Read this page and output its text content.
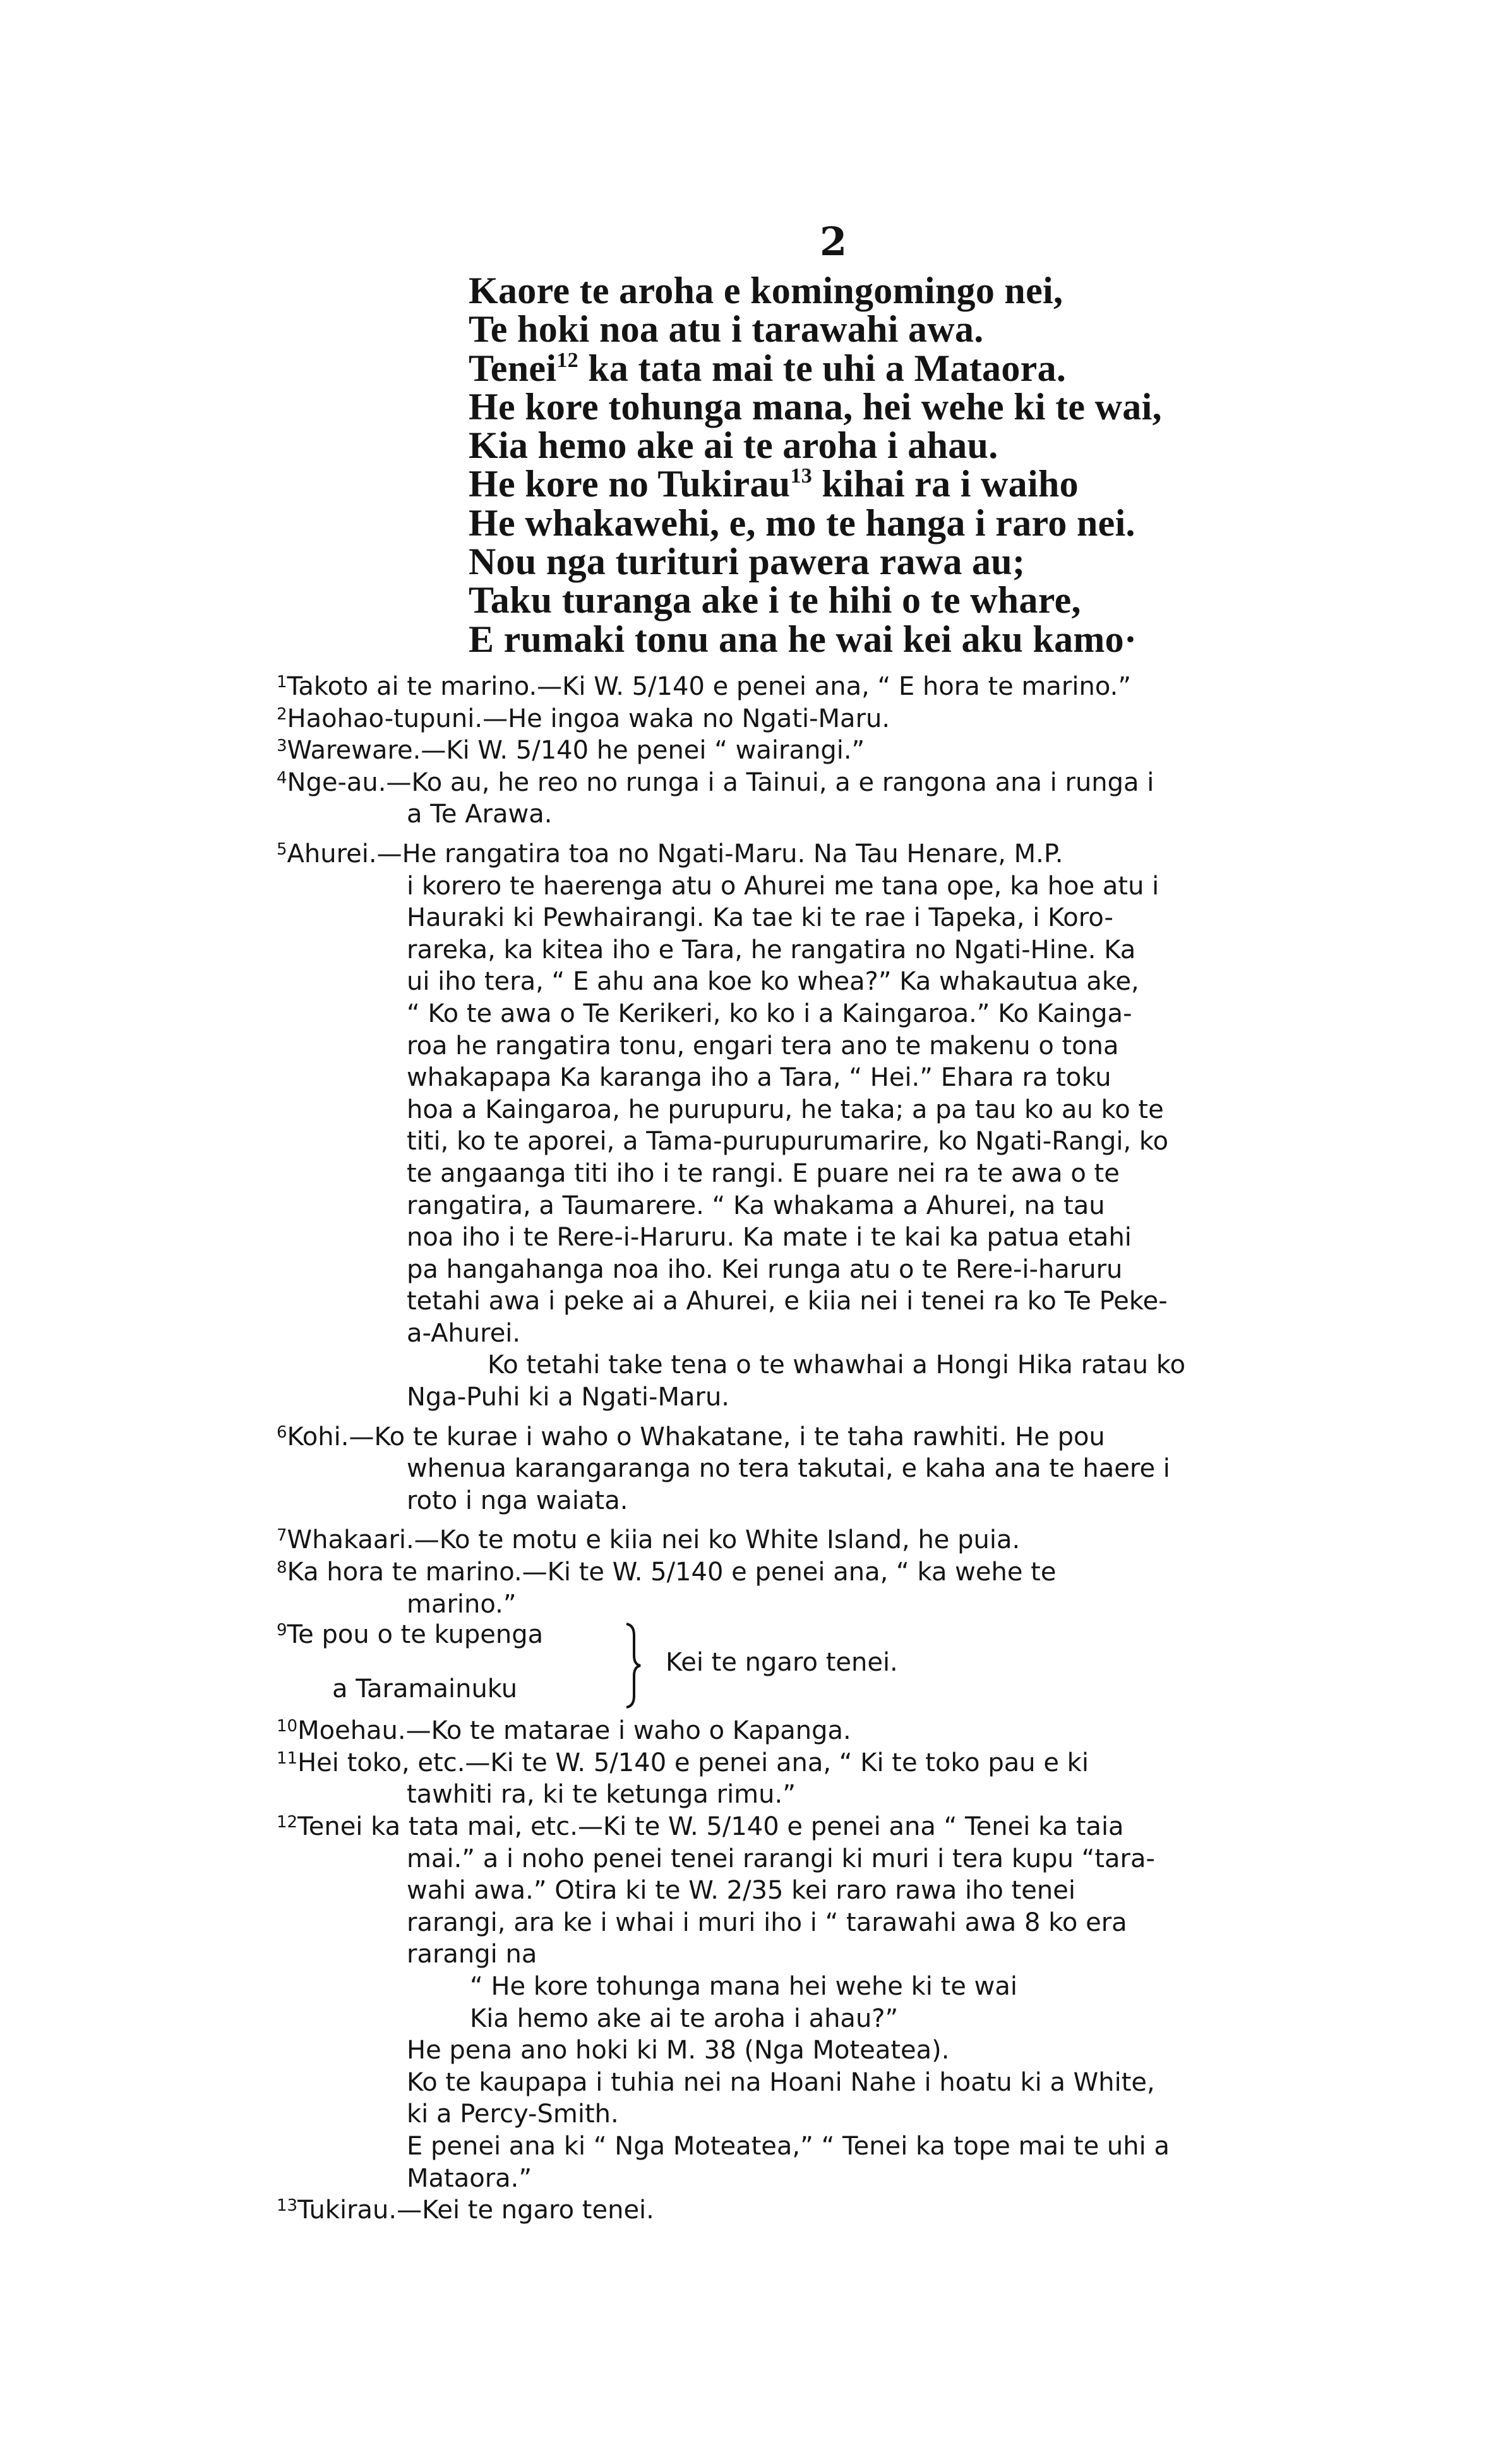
2
Kaore te aroha e komingomingo nei,
Te hoki noa atu i tarawahi awa.
Tenei$^{12}$ ka tata mai te uhi a Mataora.
He kore tohunga mana, hei wehe ki te wai,
Kia hemo ake ai te aroha i ahau.
He kore no Tukirau$^{13}$ kihai ra i waiho
He whakawehi, e, mo te hanga i raro nei.
Nou nga turituri pawera rawa au;
Taku turanga ake i te hihi o te whare,
E rumaki tonu ana he wai kei aku kamo·
$^1$Takoto ai te marino.—Ki W. 5/140 e penei ana, “ E hora te marino.”
$^2$Haohao-tupuni.—He ingoa waka no Ngati-Maru.
$^3$Wareware.—Ki W. 5/140 he penei “ wairangi.”
$^4$Nge-au.—Ko au, he reo no runga i a Tainui, a e rangona ana i runga i
a Te Arawa.
$^5$Ahurei.—He rangatira toa no Ngati-Maru. Na Tau Henare, M.P.
i korero te haerenga atu o Ahurei me tana ope, ka hoe atu i
Hauraki ki Pewhairangi. Ka tae ki te rae i Tapeka, i Koro-
rareka, ka kitea iho e Tara, he rangatira no Ngati-Hine. Ka
ui iho tera, “ E ahu ana koe ko whea?” Ka whakautua ake,
“ Ko te awa o Te Kerikeri, ko ko i a Kaingaroa.” Ko Kainga-
roa he rangatira tonu, engari tera ano te makenu o tona
whakapapa Ka karanga iho a Tara, “ Hei.” Ehara ra toku
hoa a Kaingaroa, he purupuru, he taka; a pa tau ko au ko te
titi, ko te aporei, a Tama-purupurumarire, ko Ngati-Rangi, ko
te angaanga titi iho i te rangi. E puare nei ra te awa o te
rangatira, a Taumarere. “ Ka whakama a Ahurei, na tau
noa iho i te Rere-i-Haruru. Ka mate i te kai ka patua etahi
pa hangahanga noa iho. Kei runga atu o te Rere-i-haruru
tetahi awa i peke ai a Ahurei, e kiia nei i tenei ra ko Te Peke-
a-Ahurei.
Ko tetahi take tena o te whawhai a Hongi Hika ratau ko
Nga-Puhi ki a Ngati-Maru.
$^6$Kohi.—Ko te kurae i waho o Whakatane, i te taha rawhiti. He pou
whenua karangaranga no tera takutai, e kaha ana te haere i
roto i nga waiata.
$^7$Whakaari.—Ko te motu e kiia nei ko White Island, he puia.
$^8$Ka hora te marino.—Ki te W. 5/140 e penei ana, “ ka wehe te
marino.”
$^9$Te pou o te kupenga
a Taramainuku
Kei te ngaro tenei.
$^{10}$Moehau.—Ko te matarae i waho o Kapanga.
$^{11}$Hei toko, etc.—Ki te W. 5/140 e penei ana, “ Ki te toko pau e ki
tawhiti ra, ki te ketunga rimu.”
$^{12}$Tenei ka tata mai, etc.—Ki te W. 5/140 e penei ana “ Tenei ka taia
mai.” a i noho penei tenei rarangi ki muri i tera kupu “tara-
wahi awa.” Otira ki te W. 2/35 kei raro rawa iho tenei
rarangi, ara ke i whai i muri iho i “ tarawahi awa 8 ko era
rarangi na
“ He kore tohunga mana hei wehe ki te wai
Kia hemo ake ai te aroha i ahau?”
He pena ano hoki ki M. 38 (Nga Moteatea).
Ko te kaupapa i tuhia nei na Hoani Nahe i hoatu ki a White,
ki a Percy-Smith.
E penei ana ki “ Nga Moteatea,” “ Tenei ka tope mai te uhi a
Mataora.”
$^{13}$Tukirau.—Kei te ngaro tenei.
